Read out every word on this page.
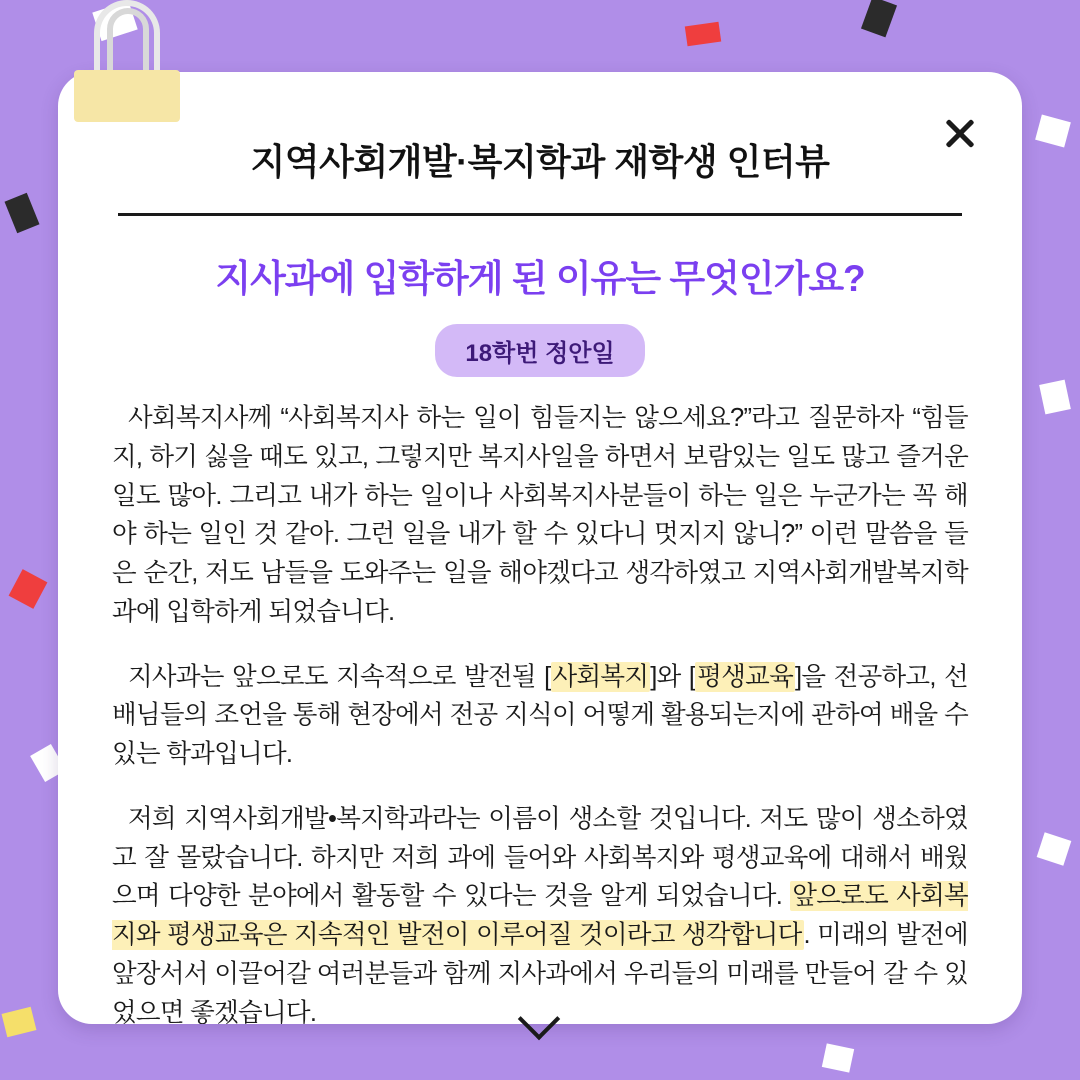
지역사회개발·복지학과 재학생 인터뷰
지사과에 입학하게 된 이유는 무엇인가요?
18학번 정안일

사회복지사께 “사회복지사 하는 일이 힘들지는 않으세요?”라고 질문하자 “힘들지, 하기 싫을 때도 있고, 그렇지만 복지사일을 하면서 보람있는 일도 많고 즐거운 일도 많아. 그리고 내가 하는 일이나 사회복지사분들이 하는 일은 누군가는 꼭 해야 하는 일인 것 같아. 그런 일을 내가 할 수 있다니 멋지지 않니?” 이런 말씀을 들은 순간, 저도 남들을 도와주는 일을 해야겠다고 생각하였고 지역사회개발복지학과에 입학하게 되었습니다.

지사과는 앞으로도 지속적으로 발전될 [사회복지]와 [평생교육]을 전공하고, 선배님들의 조언을 통해 현장에서 전공 지식이 어떻게 활용되는지에 관하여 배울 수 있는 학과입니다.

저희 지역사회개발•복지학과라는 이름이 생소할 것입니다. 저도 많이 생소하였고 잘 몰랐습니다. 하지만 저희 과에 들어와 사회복지와 평생교육에 대해서 배웠으며 다양한 분야에서 활동할 수 있다는 것을 알게 되었습니다. 앞으로도 사회복지와 평생교육은 지속적인 발전이 이루어질 것이라고 생각합니다. 미래의 발전에 앞장서서 이끌어갈 여러분들과 함께 지사과에서 우리들의 미래를 만들어 갈 수 있었으면 좋겠습니다.
